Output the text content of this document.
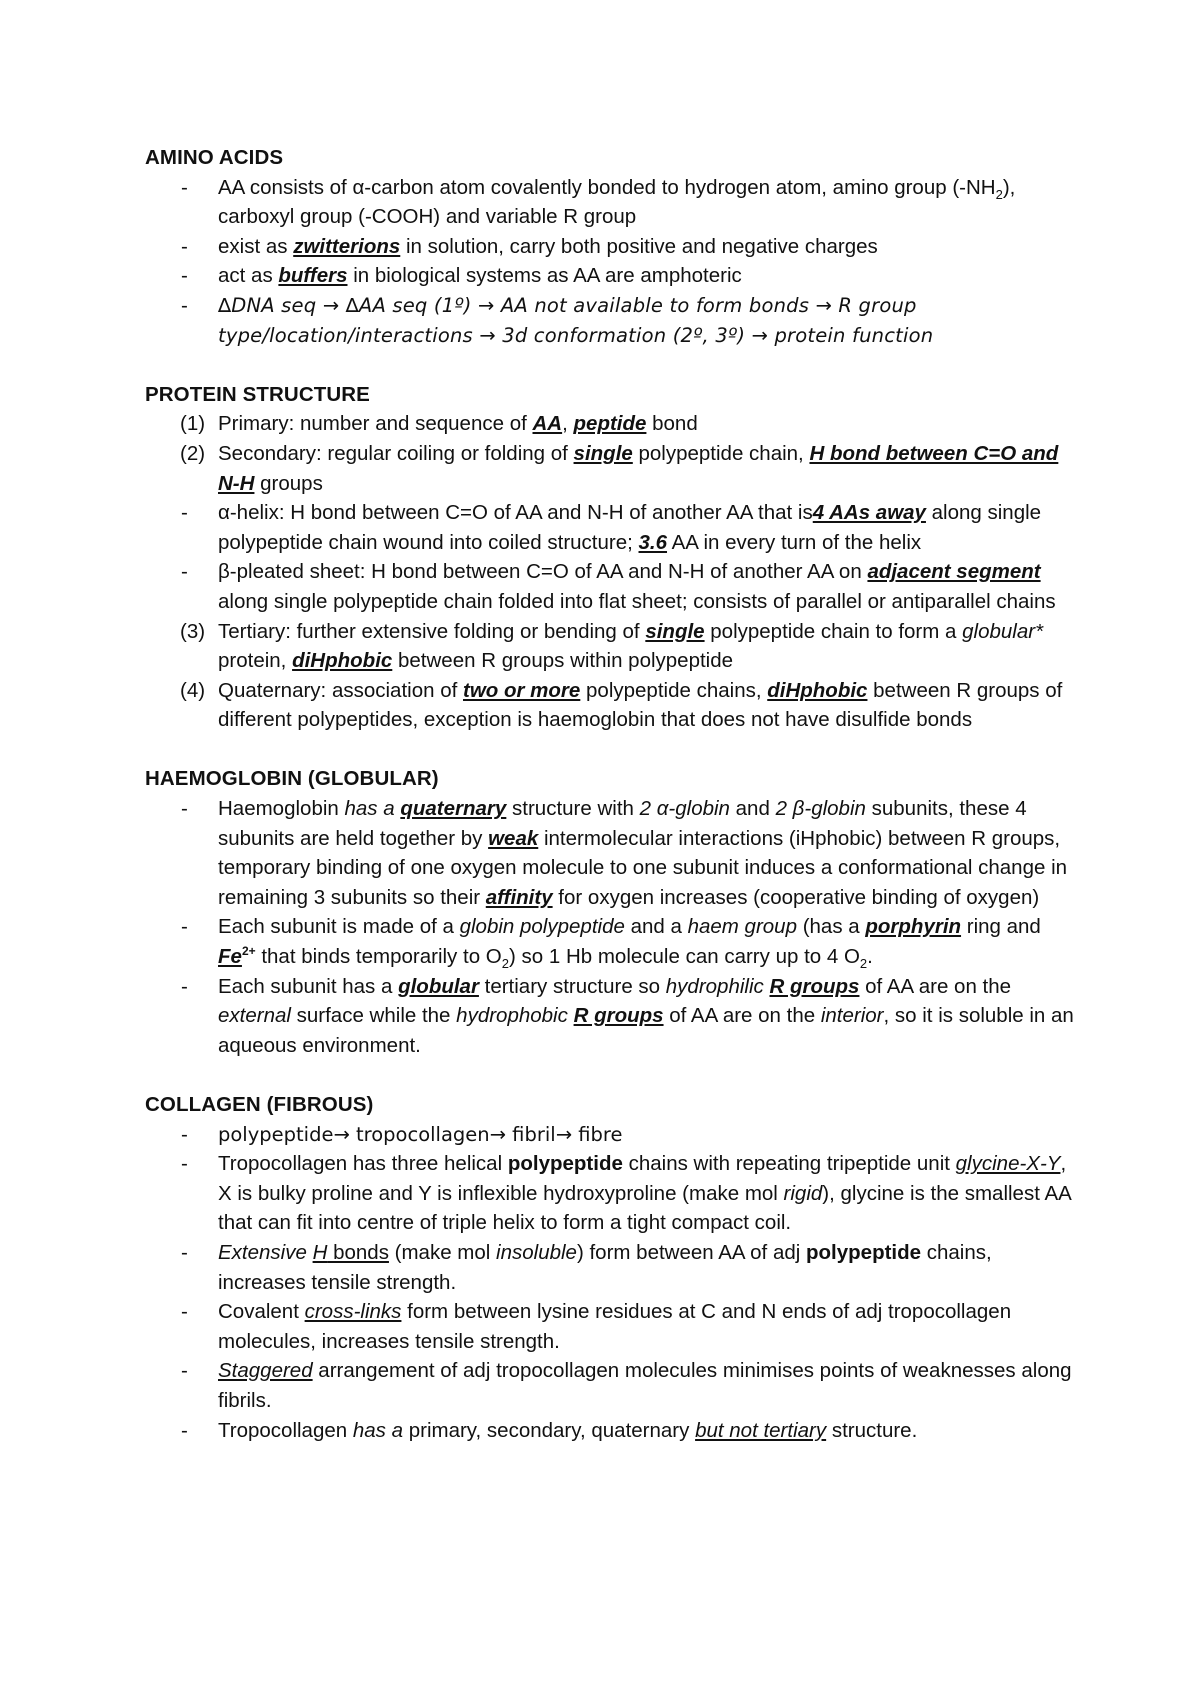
AMINO ACIDS
-	AA consists of α-carbon atom covalently bonded to hydrogen atom, amino group $(-NH_2)$, carboxyl group (-COOH) and variable R group
-	exist as zwitterions in solution, carry both positive and negative charges
-	act as buffers in biological systems as AA are amphoteric
-	∆DNA seq → ∆AA seq (1º) → AA not available to form bonds → R group type/location/interactions → 3d conformation (2º, 3º) → protein function
PROTEIN STRUCTURE
(1) Primary: number and sequence of AA, peptide bond
(2) Secondary: regular coiling or folding of single polypeptide chain, H bond between C=O and N-H groups
-	α-helix: H bond between C=O of AA and N-H of another AA that is4 AAs away along single polypeptide chain wound into coiled structure; 3.6 AA in every turn of the helix
-	β-pleated sheet: H bond between C=O of AA and N-H of another AA on adjacent segment along single polypeptide chain folded into flat sheet; consists of parallel or antiparallel chains
(3) Tertiary: further extensive folding or bending of single polypeptide chain to form a globular* protein, diHphobic between R groups within polypeptide
(4) Quaternary: association of two or more polypeptide chains, diHphobic between R groups of different polypeptides, exception is haemoglobin that does not have disulfide bonds
HAEMOGLOBIN (GLOBULAR)
-	Haemoglobin has a quaternary structure with 2 α-globin and 2 β-globin subunits, these 4 subunits are held together by weak intermolecular interactions (iHphobic) between R groups, temporary binding of one oxygen molecule to one subunit induces a conformational change in remaining 3 subunits so their affinity for oxygen increases (cooperative binding of oxygen)
-	Each subunit is made of a globin polypeptide and a haem group (has a porphyrin ring and $Fe^{2+}$ that binds temporarily to $O_2$) so 1 Hb molecule can carry up to 4 $O_2$.
-	Each subunit has a globular tertiary structure so hydrophilic R groups of AA are on the external surface while the hydrophobic R groups of AA are on the interior, so it is soluble in an aqueous environment.
COLLAGEN (FIBROUS)
-	polypeptide→ tropocollagen→ fibril→ fibre
-	Tropocollagen has three helical polypeptide chains with repeating tripeptide unit glycine-X-Y, X is bulky proline and Y is inflexible hydroxyproline (make mol rigid), glycine is the smallest AA that can fit into centre of triple helix to form a tight compact coil.
-	Extensive H bonds (make mol insoluble) form between AA of adj polypeptide chains, increases tensile strength.
-	Covalent cross-links form between lysine residues at C and N ends of adj tropocollagen molecules, increases tensile strength.
-	Staggered arrangement of adj tropocollagen molecules minimises points of weaknesses along fibrils.
-	Tropocollagen has a primary, secondary, quaternary but not tertiary structure.
